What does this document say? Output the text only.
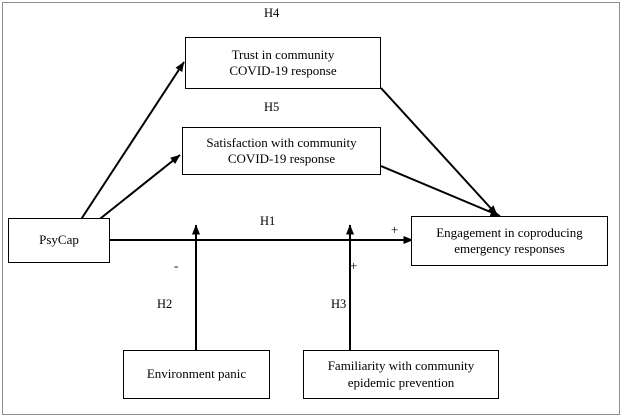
PsyCap
Trust in community
COVID-19 response
Satisfaction with community
COVID-19 response
Engagement in coproducing
emergency responses
Environment panic
Familiarity with community
epidemic prevention
H4
H5
H1
H2	H3
-	+
+
